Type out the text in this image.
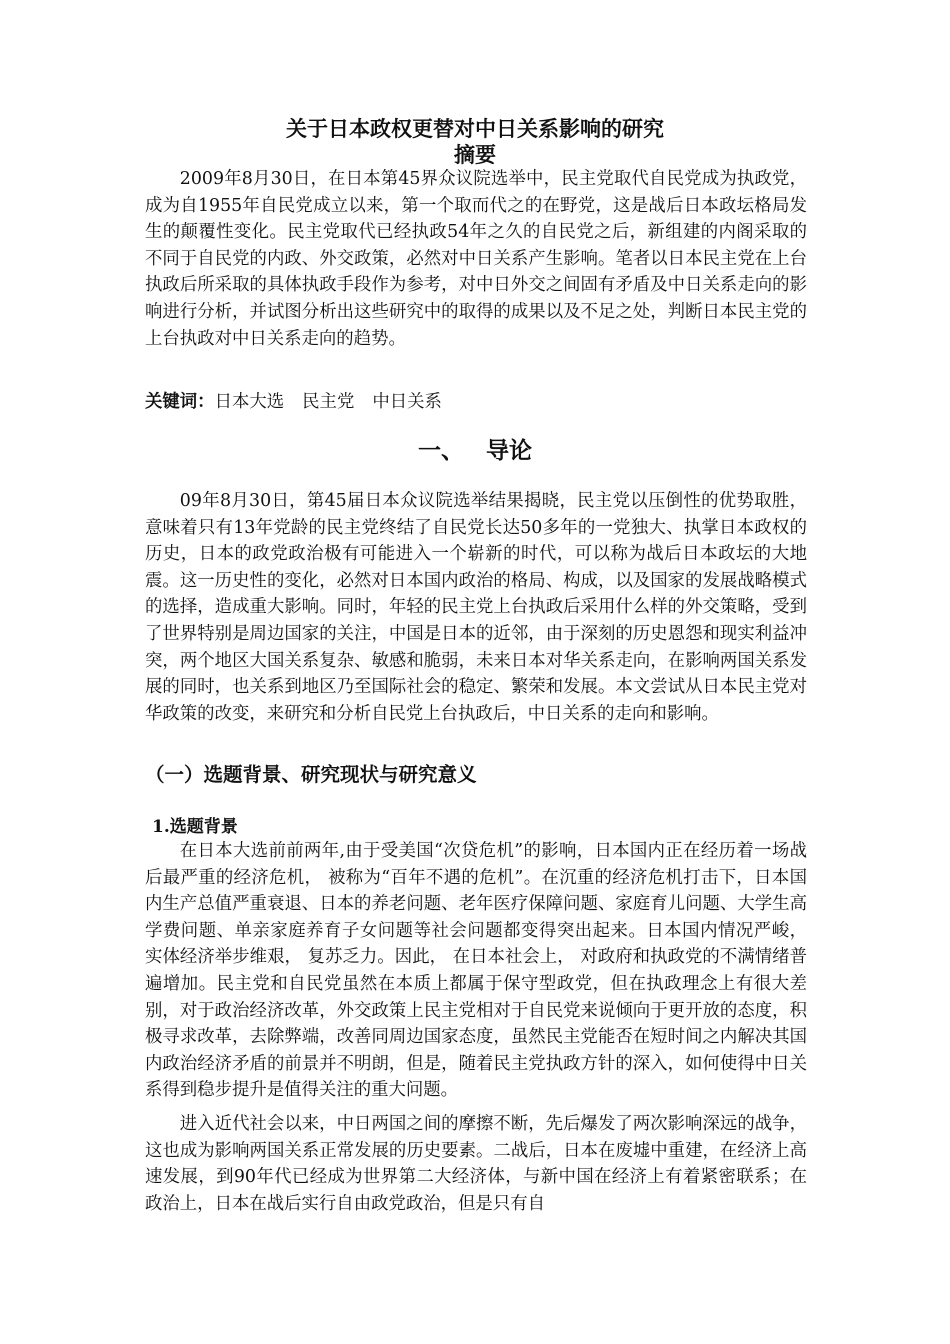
关于日本政权更替对中日关系影响的研究
摘要

2009年8月30日，在日本第45界众议院选举中，民主党取代自民党成为执政党，成为自1955年自民党成立以来，第一个取而代之的在野党，这是战后日本政坛格局发生的颠覆性变化。民主党取代已经执政54年之久的自民党之后，新组建的内阁采取的不同于自民党的内政、外交政策，必然对中日关系产生影响。笔者以日本民主党在上台执政后所采取的具体执政手段作为参考，对中日外交之间固有矛盾及中日关系走向的影响进行分析，并试图分析出这些研究中的取得的成果以及不足之处，判断日本民主党的上台执政对中日关系走向的趋势。

关键词：日本大选 民主党 中日关系

一、 导论

09年8月30日，第45届日本众议院选举结果揭晓，民主党以压倒性的优势取胜，意味着只有13年党龄的民主党终结了自民党长达50多年的一党独大、执掌日本政权的历史，日本的政党政治极有可能进入一个崭新的时代，可以称为战后日本政坛的大地震。这一历史性的变化，必然对日本国内政治的格局、构成，以及国家的发展战略模式的选择，造成重大影响。同时，年轻的民主党上台执政后采用什么样的外交策略，受到了世界特别是周边国家的关注，中国是日本的近邻，由于深刻的历史恩怨和现实利益冲突，两个地区大国关系复杂、敏感和脆弱，未来日本对华关系走向，在影响两国关系发展的同时，也关系到地区乃至国际社会的稳定、繁荣和发展。本文尝试从日本民主党对华政策的改变，来研究和分析自民党上台执政后，中日关系的走向和影响。

（一）选题背景、研究现状与研究意义
1.选题背景

在日本大选前前两年,由于受美国“次贷危机”的影响，日本国内正在经历着一场战后最严重的经济危机， 被称为“百年不遇的危机”。在沉重的经济危机打击下，日本国内生产总值严重衰退、日本的养老问题、老年医疗保障问题、家庭育儿问题、大学生高学费问题、单亲家庭养育子女问题等社会问题都变得突出起来。日本国内情况严峻， 实体经济举步维艰， 复苏乏力。因此， 在日本社会上， 对政府和执政党的不满情绪普遍增加。民主党和自民党虽然在本质上都属于保守型政党，但在执政理念上有很大差别，对于政治经济改革，外交政策上民主党相对于自民党来说倾向于更开放的态度，积极寻求改革，去除弊端，改善同周边国家态度，虽然民主党能否在短时间之内解决其国内政治经济矛盾的前景并不明朗，但是，随着民主党执政方针的深入，如何使得中日关系得到稳步提升是值得关注的重大问题。

进入近代社会以来，中日两国之间的摩擦不断，先后爆发了两次影响深远的战争，这也成为影响两国关系正常发展的历史要素。二战后，日本在废墟中重建，在经济上高速发展，到90年代已经成为世界第二大经济体，与新中国在经济上有着紧密联系；在政治上，日本在战后实行自由政党政治，但是只有自
